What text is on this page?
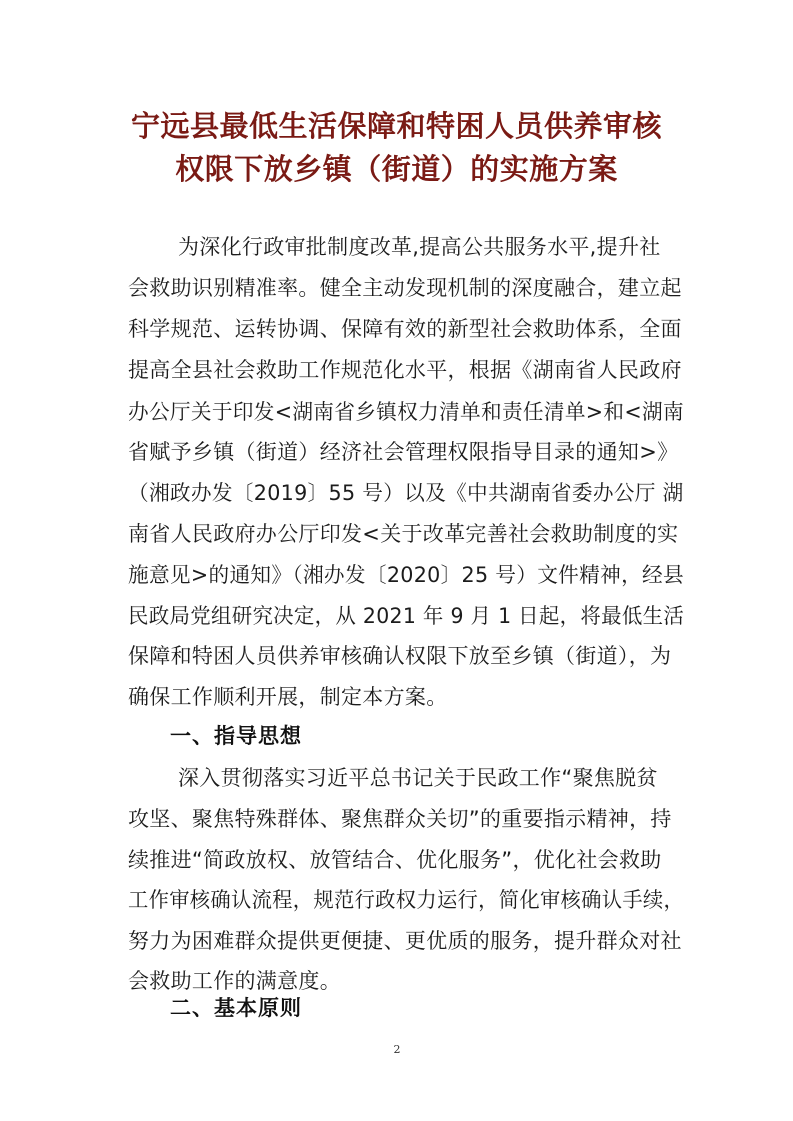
宁远县最低生活保障和特困人员供养审核
权限下放乡镇（街道）的实施方案
为深化行政审批制度改革,提高公共服务水平,提升社
会救助识别精准率。健全主动发现机制的深度融合，建立起
科学规范、运转协调、保障有效的新型社会救助体系，全面
提高全县社会救助工作规范化水平，根据《湖南省人民政府
办公厅关于印发<湖南省乡镇权力清单和责任清单>和<湖南
省赋予乡镇（街道）经济社会管理权限指导目录的通知>》
（湘政办发〔2019〕55 号）以及《中共湖南省委办公厅 湖
南省人民政府办公厅印发<关于改革完善社会救助制度的实
施意见>的通知》（湘办发〔2020〕25 号）文件精神，经县
民政局党组研究决定，从 2021 年 9 月 1 日起，将最低生活
保障和特困人员供养审核确认权限下放至乡镇（街道），为
确保工作顺利开展，制定本方案。
一、指导思想
深入贯彻落实习近平总书记关于民政工作“聚焦脱贫
攻坚、聚焦特殊群体、聚焦群众关切”的重要指示精神，持
续推进“简政放权、放管结合、优化服务”，优化社会救助
工作审核确认流程，规范行政权力运行，简化审核确认手续，
努力为困难群众提供更便捷、更优质的服务，提升群众对社
会救助工作的满意度。
二、基本原则
2
